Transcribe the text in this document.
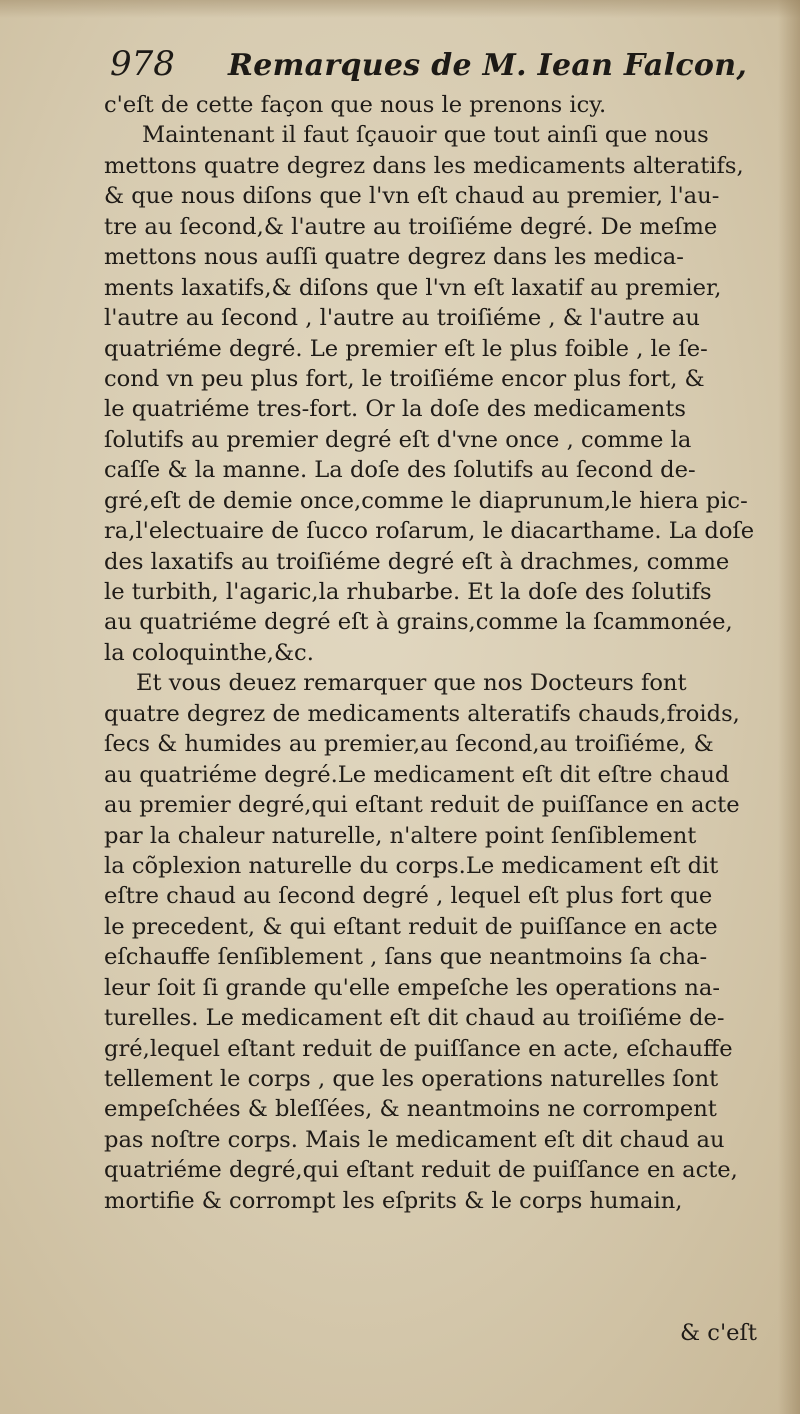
978 Remarques de M. Iean Falcon,
c'eſt de cette façon que nous le prenons icy.
Maintenant il faut ſçauoir que tout ainſi que nous
mettons quatre degrez dans les medicaments alteratifs,
& que nous diſons que l'vn eſt chaud au premier, l'au-
tre au ſecond,& l'autre au troiſiéme degré. De meſme
mettons nous auſſi quatre degrez dans les medica-
ments laxatifs,& diſons que l'vn eſt laxatif au premier,
l'autre au ſecond , l'autre au troiſiéme , & l'autre au
quatriéme degré. Le premier eſt le plus foible , le ſe-
cond vn peu plus fort, le troiſiéme encor plus fort, &
le quatriéme tres-fort. Or la doſe des medicaments
ſolutifs au premier degré eſt d'vne once , comme la
caſſe & la manne. La doſe des ſolutifs au ſecond de-
gré,eſt de demie once,comme le diaprunum,le hiera pic-
ra,l'electuaire de ſucco roſarum, le diacarthame. La doſe
des laxatifs au troiſiéme degré eſt à drachmes, comme
le turbith, l'agaric,la rhubarbe. Et la doſe des ſolutifs
au quatriéme degré eſt à grains,comme la ſcammonée,
la coloquinthe,&c.
Et vous deuez remarquer que nos Docteurs font
quatre degrez de medicaments alteratifs chauds,froids,
ſecs & humides au premier,au ſecond,au troiſiéme, &
au quatriéme degré.Le medicament eſt dit eſtre chaud
au premier degré,qui eſtant reduit de puiſſance en acte
par la chaleur naturelle, n'altere point ſenſiblement
la cõplexion naturelle du corps.Le medicament eſt dit
eſtre chaud au ſecond degré , lequel eſt plus fort que
le precedent, & qui eſtant reduit de puiſſance en acte
eſchauffe ſenſiblement , ſans que neantmoins ſa cha-
leur ſoit ſi grande qu'elle empeſche les operations na-
turelles. Le medicament eſt dit chaud au troiſiéme de-
gré,lequel eſtant reduit de puiſſance en acte, eſchauffe
tellement le corps , que les operations naturelles ſont
empeſchées & bleſſées, & neantmoins ne corrompent
pas noſtre corps. Mais le medicament eſt dit chaud au
quatriéme degré,qui eſtant reduit de puiſſance en acte,
mortifie & corrompt les eſprits & le corps humain,
& c'eſt
